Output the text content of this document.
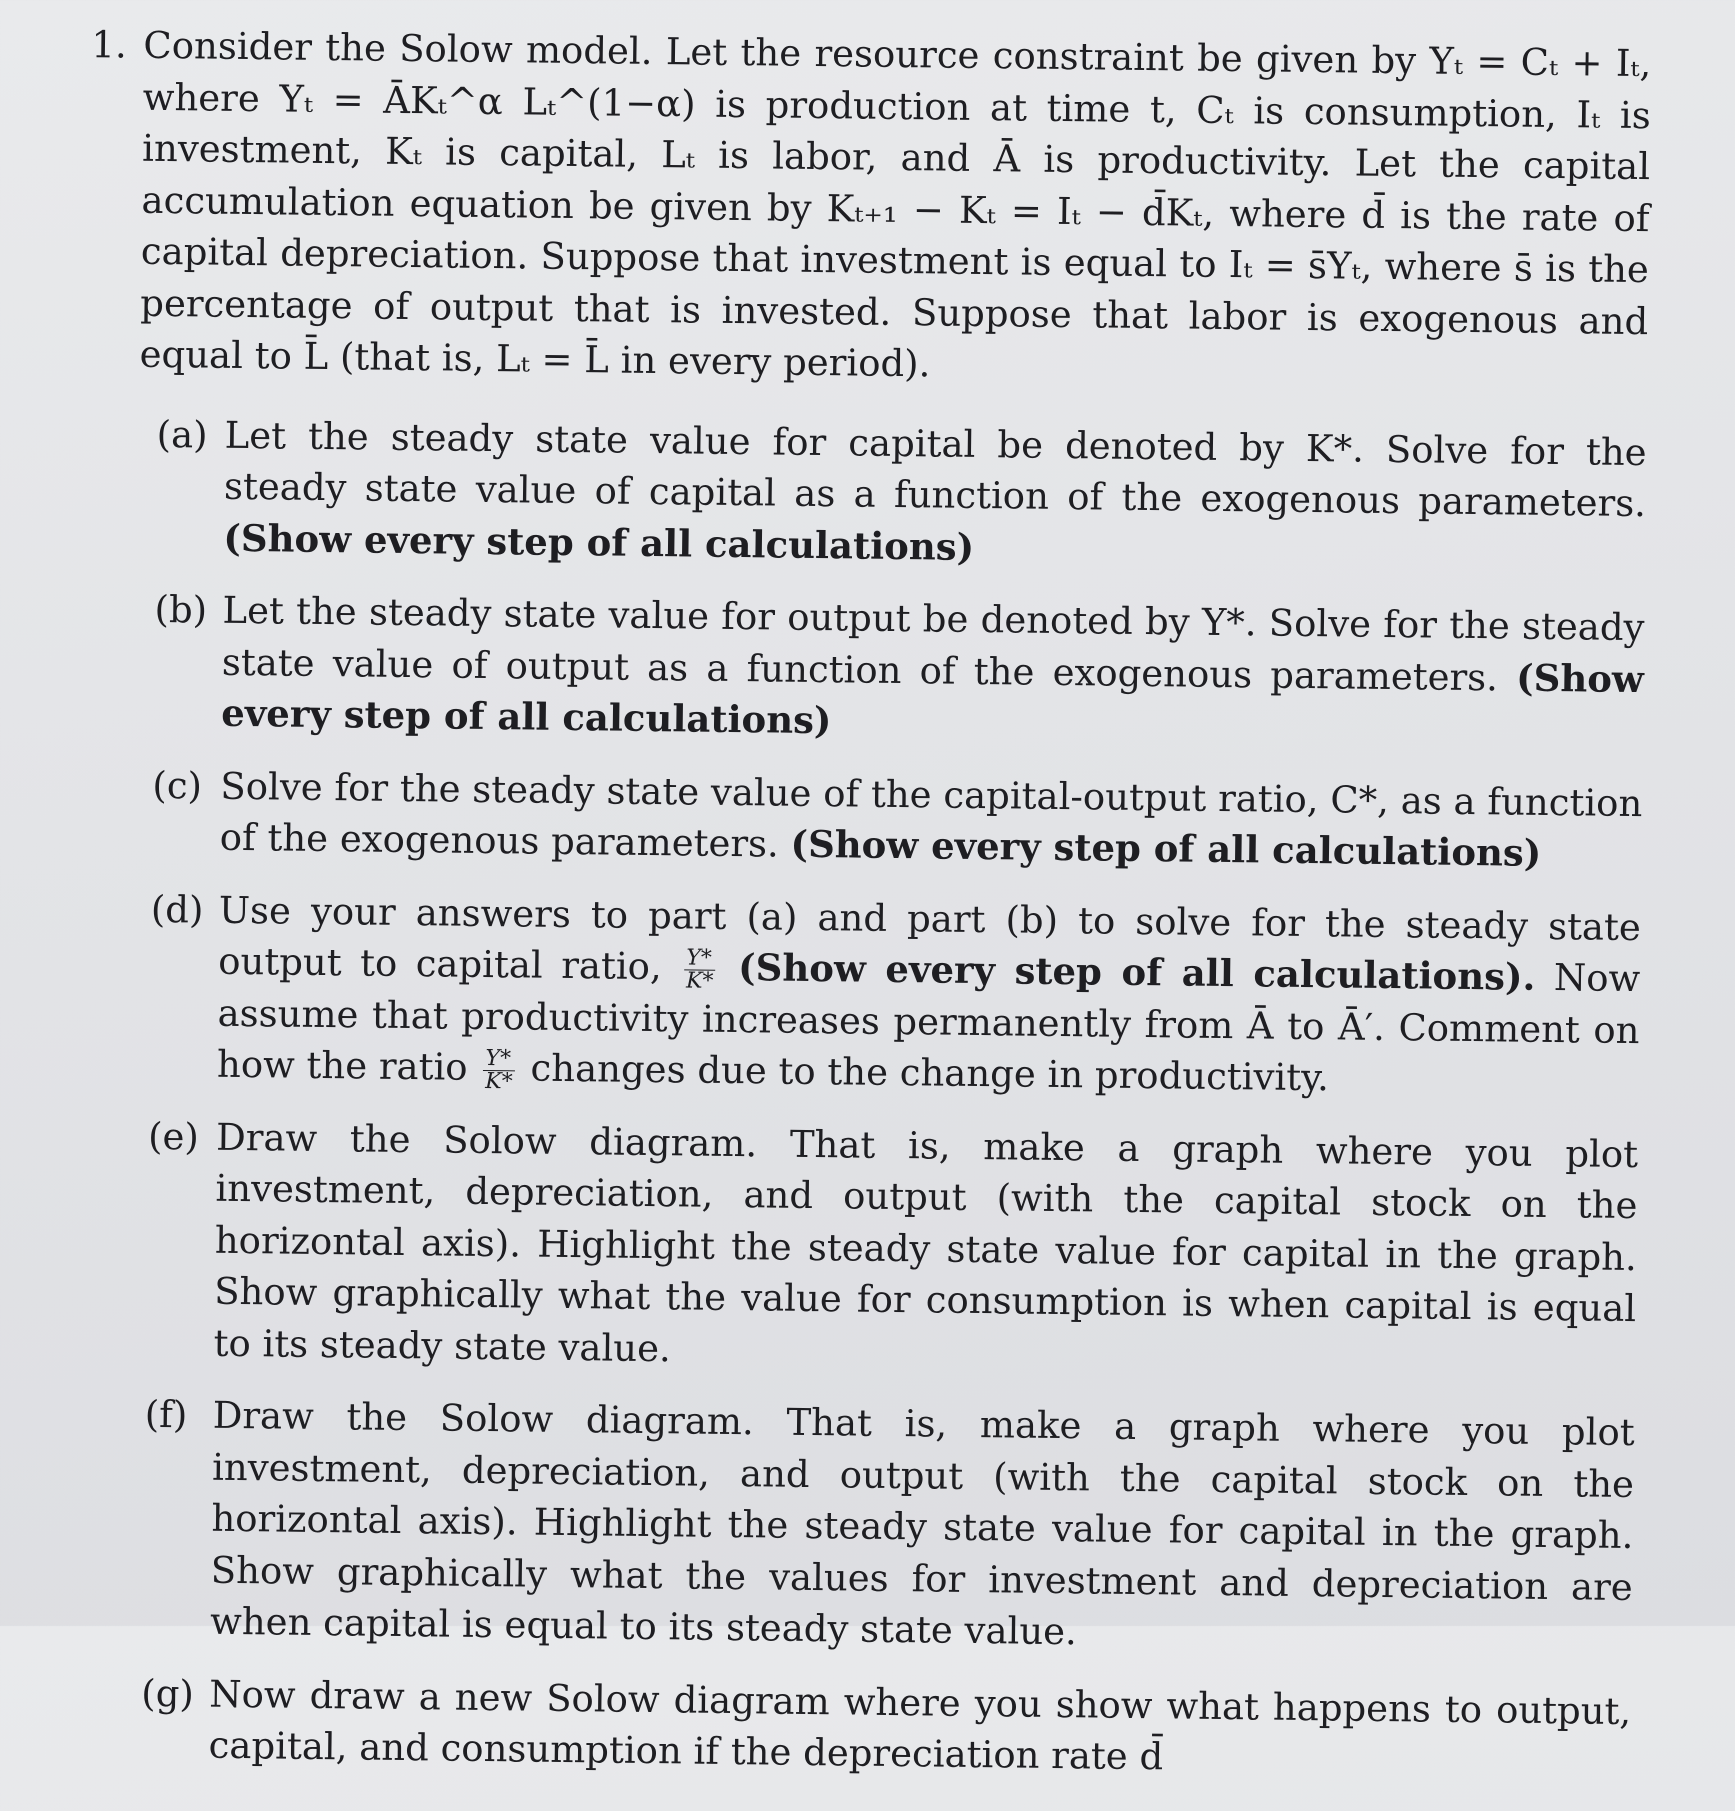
1. Consider the Solow model. Let the resource constraint be given by Yₜ = Cₜ + Iₜ, where Yₜ = ĀKₜ^α Lₜ^(1−α) is production at time t, Cₜ is consumption, Iₜ is investment, Kₜ is capital, Lₜ is labor, and Ā is productivity. Let the capital accumulation equation be given by Kₜ₊₁ − Kₜ = Iₜ − d̄Kₜ, where d̄ is the rate of capital depreciation. Suppose that investment is equal to Iₜ = s̄Yₜ, where s̄ is the percentage of output that is invested. Suppose that labor is exogenous and equal to L̄ (that is, Lₜ = L̄ in every period).

(a) Let the steady state value for capital be denoted by K*. Solve for the steady state value of capital as a function of the exogenous parameters. (Show every step of all calculations)
(b) Let the steady state value for output be denoted by Y*. Solve for the steady state value of output as a function of the exogenous parameters. (Show every step of all calculations)
(c) Solve for the steady state value of the capital-output ratio, C*, as a function of the exogenous parameters. (Show every step of all calculations)
(d) Use your answers to part (a) and part (b) to solve for the steady state output to capital ratio, $\frac{Y*}{K*}$ (Show every step of all calculations). Now assume that productivity increases permanently from Ā to Ā′. Comment on how the ratio $\frac{Y*}{K*}$ changes due to the change in productivity.
(e) Draw the Solow diagram. That is, make a graph where you plot investment, depreciation, and output (with the capital stock on the horizontal axis). Highlight the steady state value for capital in the graph. Show graphically what the value for consumption is when capital is equal to its steady state value.
(f) Draw the Solow diagram. That is, make a graph where you plot investment, depreciation, and output (with the capital stock on the horizontal axis). Highlight the steady state value for capital in the graph. Show graphically what the values for investment and depreciation are when capital is equal to its steady state value.
(g) Now draw a new Solow diagram where you show what happens to output, capital, and consumption if the depreciation rate d̄
